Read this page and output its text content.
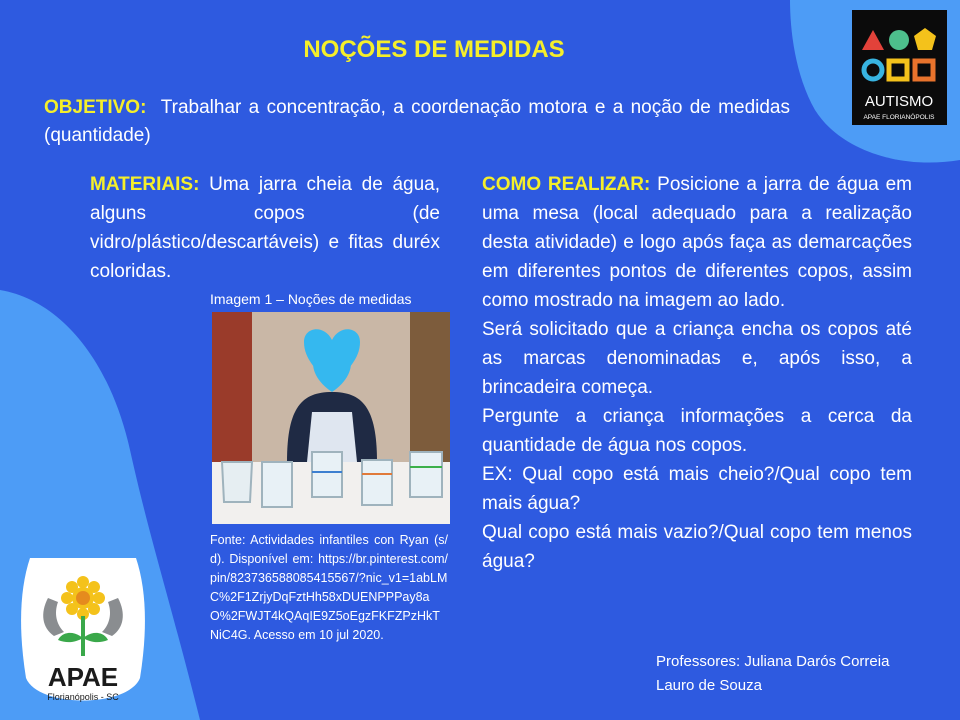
NOÇÕES DE MEDIDAS
OBJETIVO: Trabalhar a concentração, a coordenação motora e a noção de medidas (quantidade)
MATERIAIS: Uma jarra cheia de água, alguns copos (de vidro/plástico/descartáveis) e fitas duréx coloridas.

COMO REALIZAR: Posicione a jarra de água em uma mesa (local adequado para a realização desta atividade) e logo após faça as demarcações em diferentes pontos de diferentes copos, assim como mostrado na imagem ao lado.

Será solicitado que a criança encha os copos até as marcas denominadas e, após isso, a brincadeira começa.

Pergunte a criança informações a cerca da quantidade de água nos copos.

EX: Qual copo está mais cheio?/Qual copo tem mais água?

Qual copo está mais vazio?/Qual copo tem menos água?

Imagem 1 – Noções de medidas
Fonte: Actividades infantiles con Ryan (s/d). Disponível em: https://br.pinterest.com/pin/823736588085415567/?nic_v1=1abLMC%2F1ZrjyDqFztHh58xDUENPPPay8aO%2FWJT4kQAqIE9Z5oEgzFKFZPzHkTNiC4G. Acesso em 10 jul 2020.
Professores: Juliana Darós Correia
Lauro de Souza
AUTISMO
APAE FLORIANÓPOLIS
APAE
Florianópolis - SC
